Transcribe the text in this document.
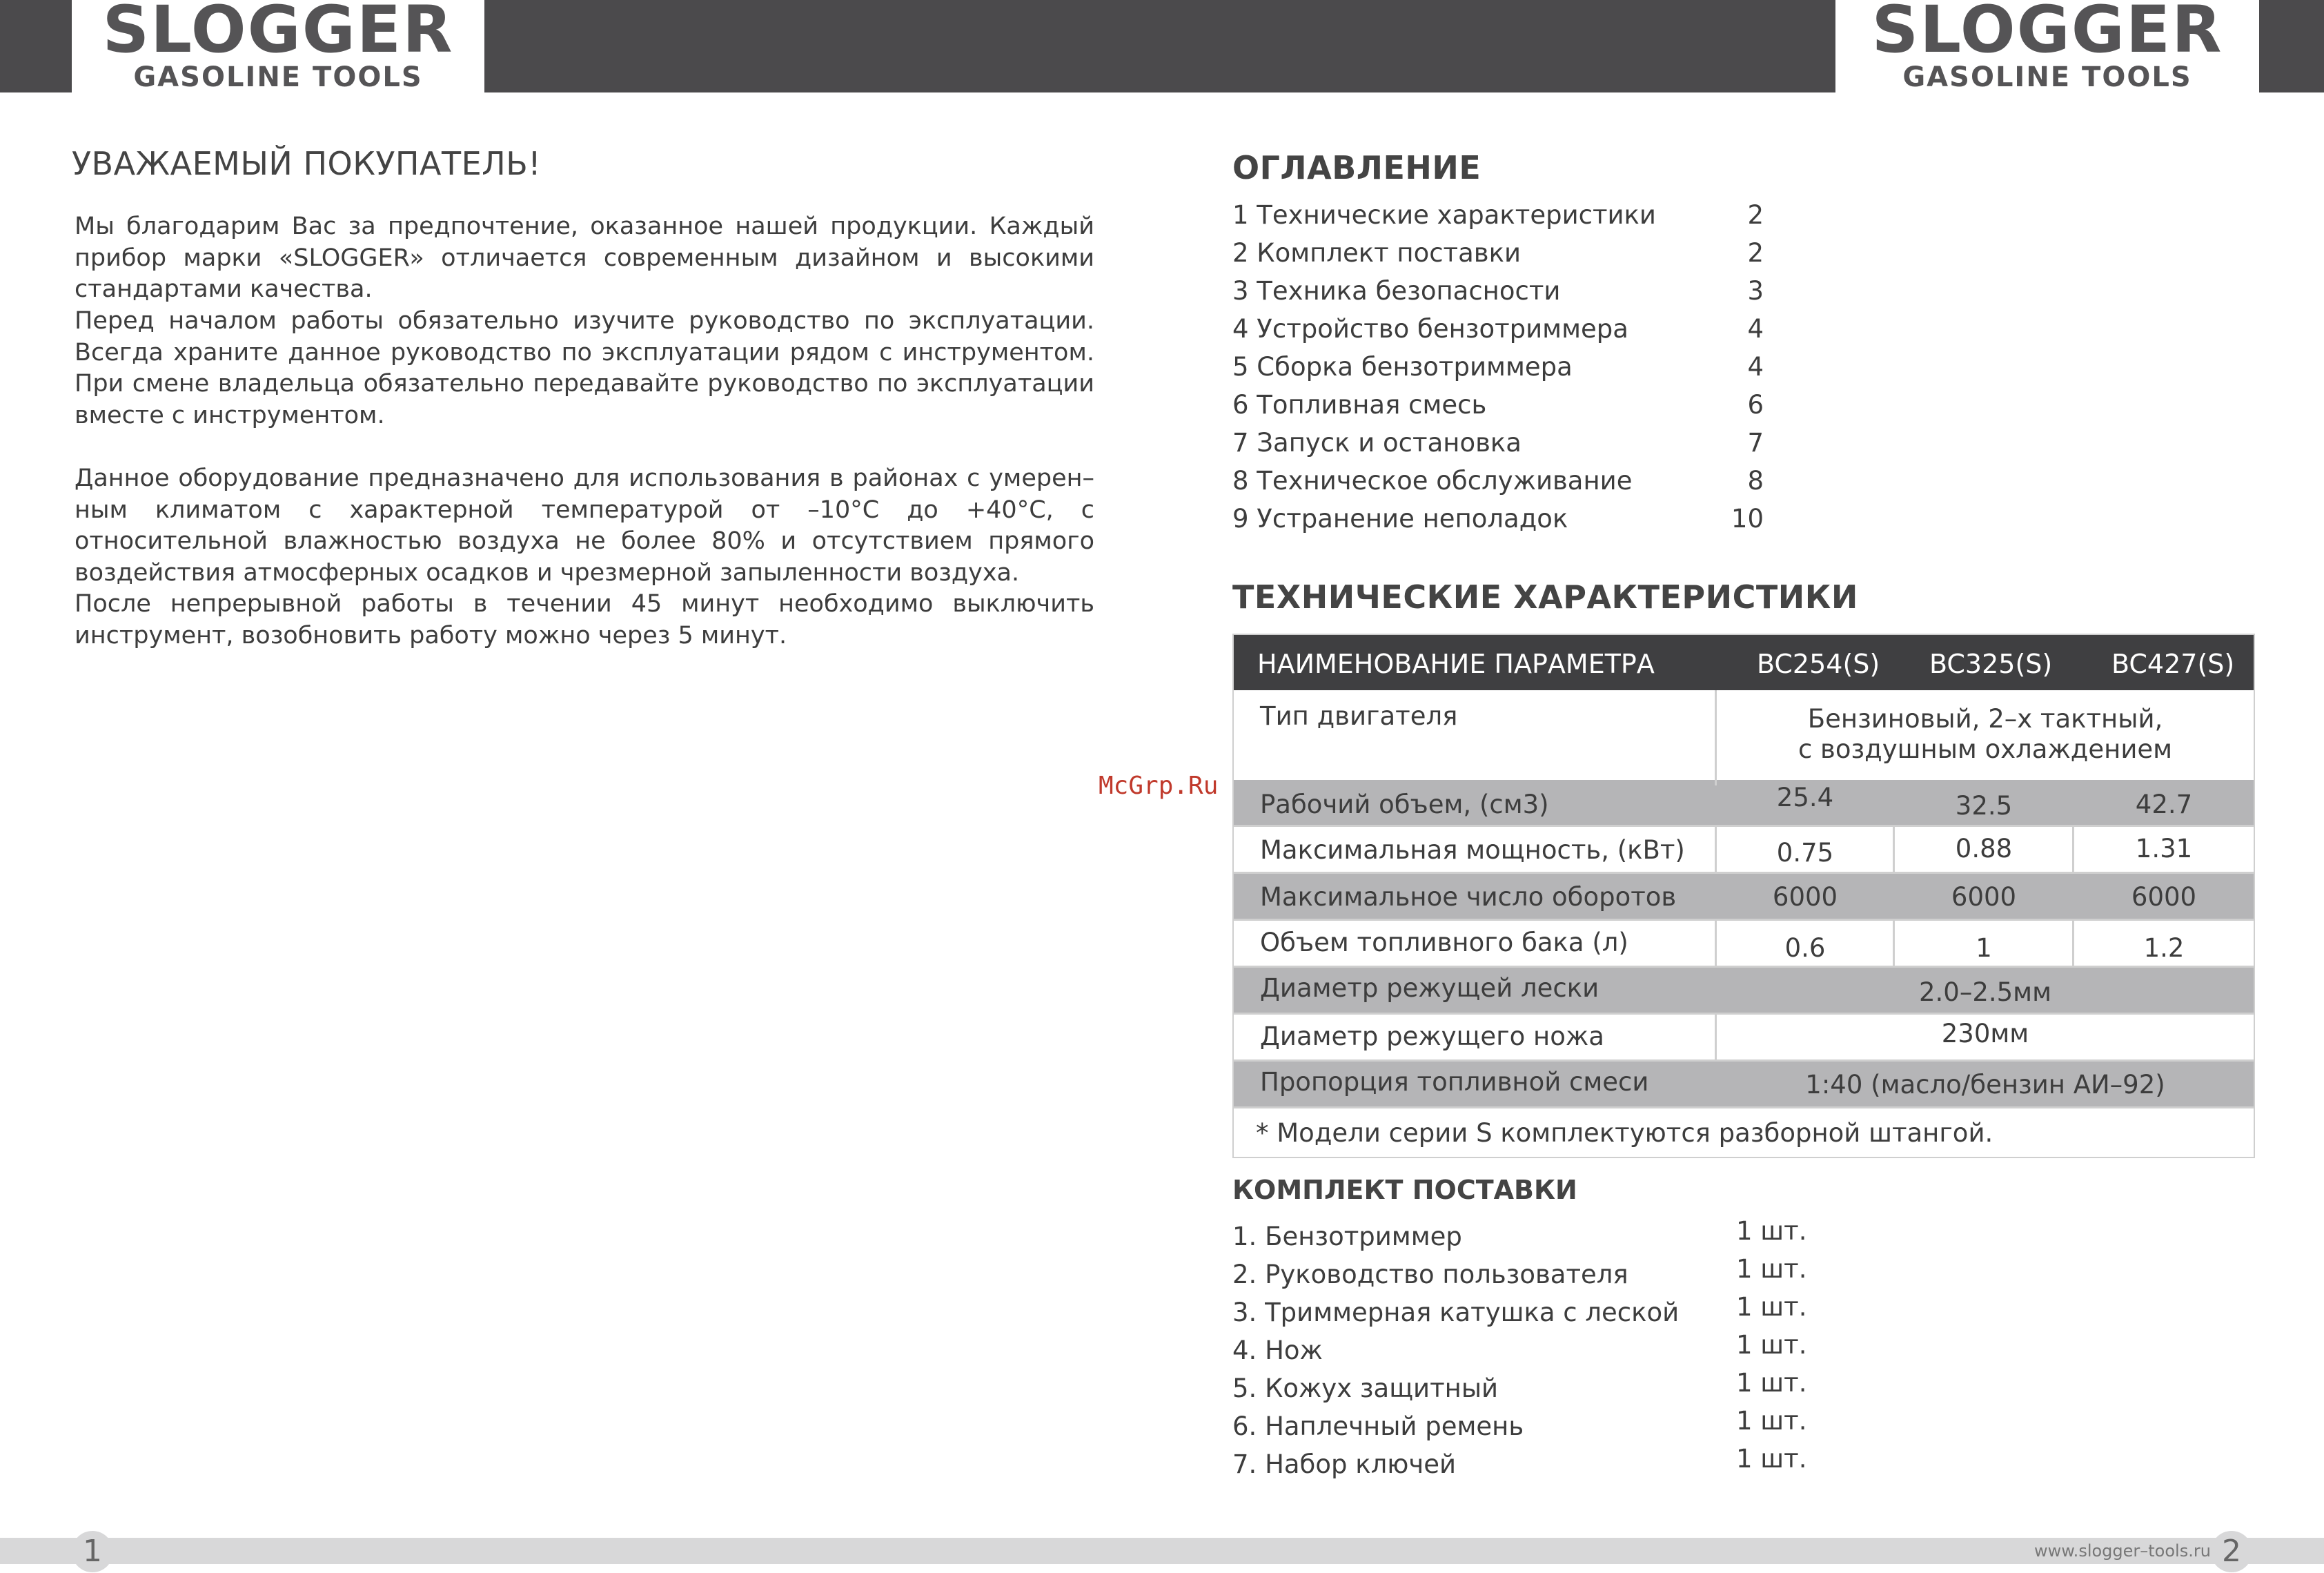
SLOGGER
GASOLINE TOOLS
SLOGGER
GASOLINE TOOLS
УВАЖАЕМЫЙ ПОКУПАТЕЛЬ!

Мы благодарим Вас за предпочтение, оказанное нашей продукции. Каждый прибор марки «SLOGGER» отличается современным дизайном и высокими стандартами качества.

Перед началом работы обязательно изучите руководство по эксплуатации. Всегда храните данное руководство по эксплуатации рядом с инструментом. При смене владельца обязательно передавайте руководство по эксплуатации вместе с инструментом.

Данное оборудование предназначено для использования в районах с умерен– ным климатом с характерной температурой от –10°С до +40°С, с относительной влажностью воздуха не более 80% и отсутствием прямого воздействия атмосферных осадков и чрезмерной запыленности воздуха.

После непрерывной работы в течении 45 минут необходимо выключить инструмент, возобновить работу можно через 5 минут.

McGrp.Ru
ОГЛАВЛЕНИЕ
1 Технические характеристики	2
2 Комплект поставки	2
3 Техника безопасности	3
4 Устройство бензотриммера	4
5 Сборка бензотриммера	4
6 Топливная смесь	6
7 Запуск и остановка	7
8 Техническое обслуживание	8
9 Устранение неполадок	10
ТЕХНИЧЕСКИЕ ХАРАКТЕРИСТИКИ
НАИМЕНОВАНИЕ ПАРАМЕТРА	BC254(S) BC325(S) BC427(S)
Тип двигателя	Бензиновый, 2–х тактный,
с воздушным охлаждением
Рабочий объем, (см3)	25.4	32.5	42.7
Максимальная мощность, (кВт)	0.75	0.88	1.31
Максимальное число оборотов	6000	6000	6000
Объем топливного бака (л)	0.6	1	1.2
Диаметр режущей лески	2.0–2.5мм
Диаметр режущего ножа	230мм
Пропорция топливной смеси	1:40 (масло/бензин АИ–92)
* Модели серии S комплектуются разборной штангой.
КОМПЛЕКТ ПОСТАВКИ
1. Бензотриммер	1 шт.
2. Руководство пользователя	1 шт.
3. Триммерная катушка с леской 1 шт.
4. Нож	1 шт.
5. Кожух защитный	1 шт.
6. Наплечный ремень	1 шт.
7. Набор ключей	1 шт.
1	2
www.slogger–tools.ru
